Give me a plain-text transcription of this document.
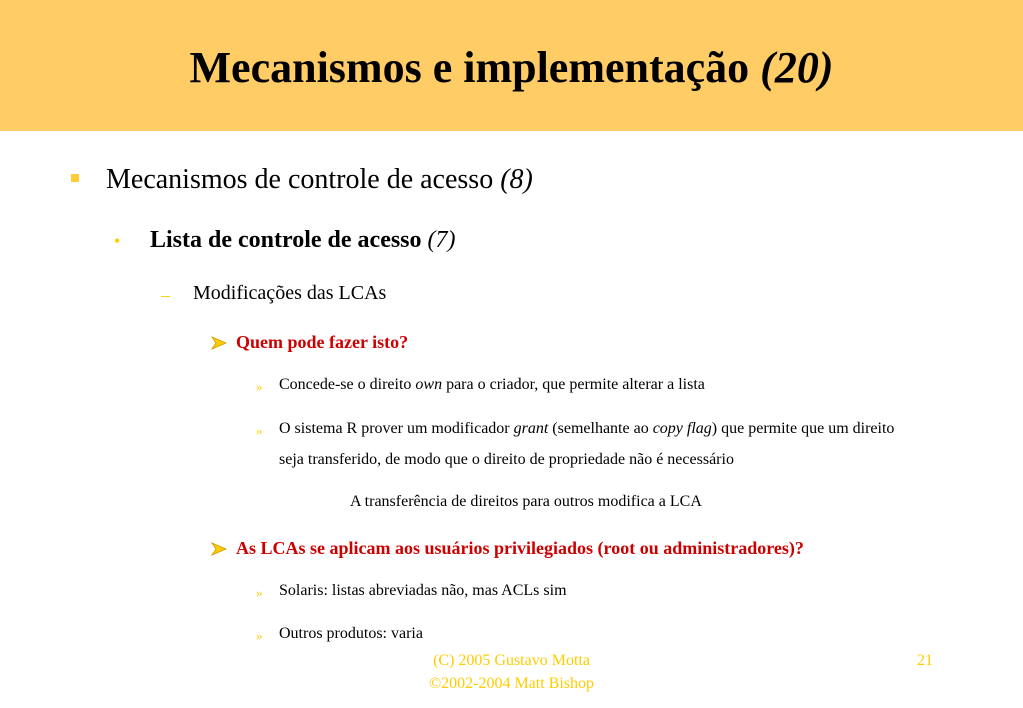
Mecanismos e implementação (20)
Mecanismos de controle de acesso (8)
• Lista de controle de acesso (7)
– Modificações das LCAs
Quem pode fazer isto?
» Concede-se o direito own para o criador, que permite alterar a lista
» O sistema R prover um modificador grant (semelhante ao copy flag) que permite que um direito
seja transferido, de modo que o direito de propriedade não é necessário
A transferência de direitos para outros modifica a LCA
As LCAs se aplicam aos usuários privilegiados (root ou administradores)?
» Solaris: listas abreviadas não, mas ACLs sim
» Outros produtos: varia
(C) 2005 Gustavo Motta
©2002-2004 Matt Bishop
21
